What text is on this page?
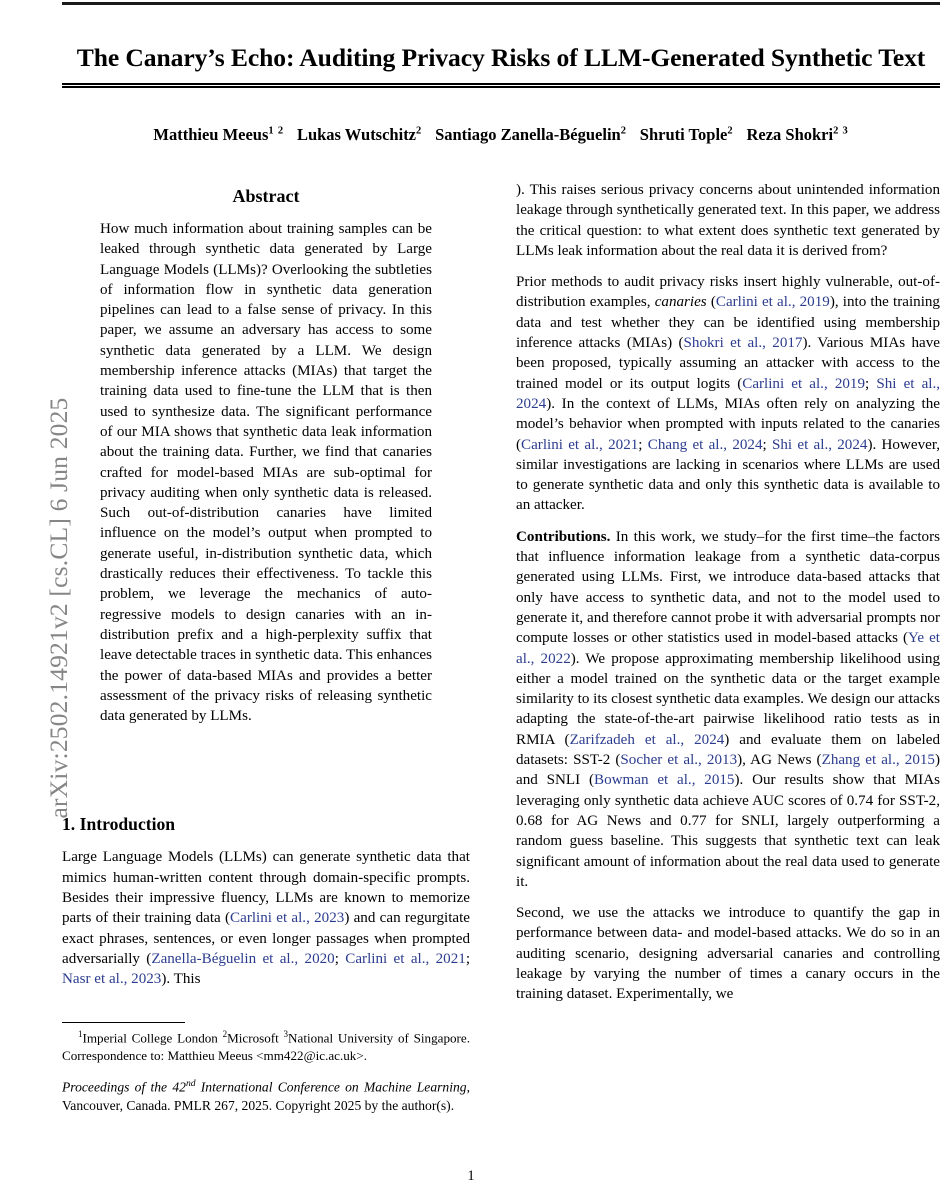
arXiv:2502.14921v2 [cs.CL] 6 Jun 2025
The Canary’s Echo: Auditing Privacy Risks of LLM-Generated Synthetic Text
Matthieu Meeus$^{1 2}$ Lukas Wutschitz$^2$ Santiago Zanella-Béguelin$^2$ Shruti Tople$^2$ Reza Shokri$^{2 3}$
Abstract
How much information about training samples can be leaked through synthetic data generated by Large Language Models (LLMs)? Overlooking the subtleties of information flow in synthetic data generation pipelines can lead to a false sense of privacy. In this paper, we assume an adversary has access to some synthetic data generated by a LLM. We design membership inference attacks (MIAs) that target the training data used to fine-tune the LLM that is then used to synthesize data. The significant performance of our MIA shows that synthetic data leak information about the training data. Further, we find that canaries crafted for model-based MIAs are sub-optimal for privacy auditing when only synthetic data is released. Such out-of-distribution canaries have limited influence on the model’s output when prompted to generate useful, in-distribution synthetic data, which drastically reduces their effectiveness. To tackle this problem, we leverage the mechanics of auto-regressive models to design canaries with an in-distribution prefix and a high-perplexity suffix that leave detectable traces in synthetic data. This enhances the power of data-based MIAs and provides a better assessment of the privacy risks of releasing synthetic data generated by LLMs.
1. Introduction

Large Language Models (LLMs) can generate synthetic data that mimics human-written content through domain-specific prompts. Besides their impressive fluency, LLMs are known to memorize parts of their training data (Carlini et al., 2023) and can regurgitate exact phrases, sentences, or even longer passages when prompted adversarially (Zanella-Béguelin et al., 2020; Carlini et al., 2021; Nasr et al., 2023). This

). This raises serious privacy concerns about unintended information leakage through synthetically generated text. In this paper, we address the critical question: to what extent does synthetic text generated by LLMs leak information about the real data it is derived from?

Prior methods to audit privacy risks insert highly vulnerable, out-of-distribution examples, canaries (Carlini et al., 2019), into the training data and test whether they can be identified using membership inference attacks (MIAs) (Shokri et al., 2017). Various MIAs have been proposed, typically assuming an attacker with access to the trained model or its output logits (Carlini et al., 2019; Shi et al., 2024). In the context of LLMs, MIAs often rely on analyzing the model’s behavior when prompted with inputs related to the canaries (Carlini et al., 2021; Chang et al., 2024; Shi et al., 2024). However, similar investigations are lacking in scenarios where LLMs are used to generate synthetic data and only this synthetic data is available to an attacker.

Contributions. In this work, we study–for the first time–the factors that influence information leakage from a synthetic data-corpus generated using LLMs. First, we introduce data-based attacks that only have access to synthetic data, and not to the model used to generate it, and therefore cannot probe it with adversarial prompts nor compute losses or other statistics used in model-based attacks (Ye et al., 2022). We propose approximating membership likelihood using either a model trained on the synthetic data or the target example similarity to its closest synthetic data examples. We design our attacks adapting the state-of-the-art pairwise likelihood ratio tests as in RMIA (Zarifzadeh et al., 2024) and evaluate them on labeled datasets: SST-2 (Socher et al., 2013), AG News (Zhang et al., 2015) and SNLI (Bowman et al., 2015). Our results show that MIAs leveraging only synthetic data achieve AUC scores of 0.74 for SST-2, 0.68 for AG News and 0.77 for SNLI, largely outperforming a random guess baseline. This suggests that synthetic text can leak significant amount of information about the real data used to generate it.

Second, we use the attacks we introduce to quantify the gap in performance between data- and model-based attacks. We do so in an auditing scenario, designing adversarial canaries and controlling leakage by varying the number of times a canary occurs in the training dataset. Experimentally, we

$^1$Imperial College London $^2$Microsoft $^3$National University of Singapore. Correspondence to: Matthieu Meeus <mm422@ic.ac.uk>.
Proceedings of the 42nd International Conference on Machine Learning, Vancouver, Canada. PMLR 267, 2025. Copyright 2025 by the author(s).
1
